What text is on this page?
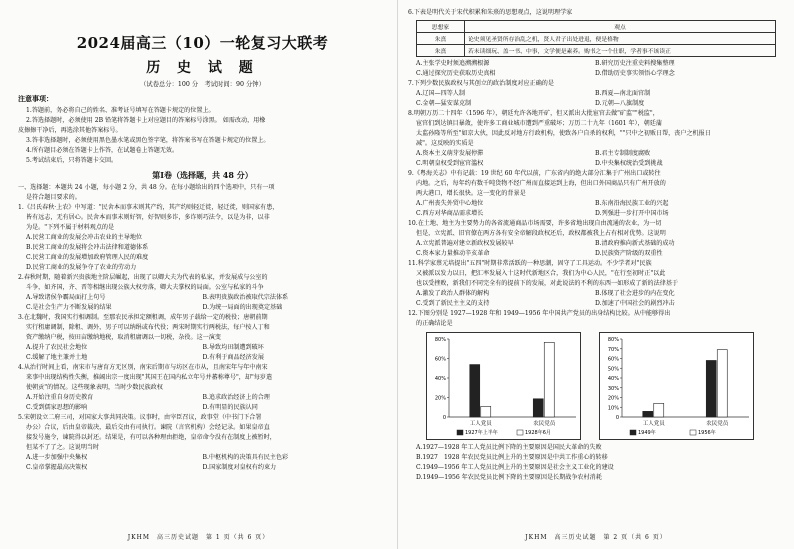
2024届高三（10）一轮复习大联考
历 史 试 题
（试卷总分：100 分　考试时间：90 分钟）
注意事项：

1.答题前，务必将自己的姓名、准考证号填写在答题卡规定的位置上。

2.答选择题时，必须使用 2B 铅笔将答题卡上对应题目的答案标号涂黑。 如需改动，用橡

皮擦擦干净后，再选涂其他答案标号。

3.答非选择题时，必须使用黑色墨水笔或黑色签字笔，将答案书写在答题卡规定的位置上。

4.所有题目必须在答题卡上作答，在试题卷上答题无效。

5.考试结束后，只将答题卡交回。

第Ⅰ卷（选择题，共 48 分）

一、选择题：本题共 24 小题，每小题 2 分，共 48 分。在每小题给出的四个选项中，只有一项

是符合题目要求的。

1.《吕氏春秋·上农》中写道："民舍本而事末则其产约，其产约则轻迁徙，轻迁徙，则国家有患，

皆有远志，无有居心。民舍本而事末则好智，好智则多诈，多诈则巧法令，以是为非，以非

为是。"下列不属于材料观点的是

A.民营工商业的发展会冲击农业的主导地位

B.民营工商业的发展将会冲击法律和道德体系

C.民营工商业的发展增加政府管理人民的难度

D.民营工商业的发展争夺了农业的劳动力

2.春秋时期，随着新兴贵族地主阶层崛起，出现了以卿大夫为代表的私家，并发展成与公室的

斗争，如齐国，齐、晋等相继出现公族大权旁落，卿大夫掌权的局面。公室与私家的斗争

A.导致诸侯争霸局面打上句号	B.表明贵族政治被取代宗法体系

C.是社会生产力不断发展的结果	D.为统一局面的出现奠定基础

3.在北魏时，我国实行相调制。至那农民承担定额租调，成年男子载给一定的税役；唐朝前期

实行租庸调制，除租、调外，男子可以纳绢或布代役；两宋时期实行两税法，每户按人丁和

资产缴纳户税，按田亩缴纳地税，取消租庸调以一切税，杂役。这一演变

A.提升了农民社会地位	B.导致均田制遭到破坏

C.缓解了地主兼并土地	D.有利于商品经济发展

4.从治行时间上看，南宋市与唐育方无区别，南宋后期市与坊区在市从，且南宋年与年中南宋

来事中出现结构性失衡，推阔出宗一度出现"其国王在国内私立年号并蕃称尊号"，却"每岁遣

使朝贡"的情况。这些现象表明，当时少数民族政权

A.开始注重自身历史教育	B.追求政治经济上的合理

C.受到儒家思想的影响	D.有明显的民族认同

5.宋朝设立二府三司，对国家大事共同决策。议事时，由宰臣召议，政事堂（中书门下合署

办公）合议，后由皇帝裁决，最后交由有司执行。谏院（言官机构）会经记录。如果皇帝直

接发号施令，谏院得以封还。结果是，有可以各种理由拒绝，皇帝命令没有在制度上被暂时，

但某不了了之。这说明当时

A.进一步加强中央集权	B.中枢机构的决策具有民主色彩

C.皇帝掌握最高决策权	D.国家制度对皇权有约束力

JKHM　高三历史试题　第 1 页（共 6 页）

6.下表是明代关于宋代积累和朱熹的思想观点，这说明理学家

思想家	观点
朱熹	论史须见圣贤所存治乱之机，贤人君子出处进退，便是格物
朱熹	若未读细玩、盖一书、中事，文学便是素养。购书之一个仕职，学者事不该读正

A.主张学史时须追溯溯根源	B.研究历史注重史料搜集整理

C.通过探究历史获取历史真相	D.借助历史事实领悟心学理念

7.下列少数民族政权与其创立的政治制度对应正确的是

A.辽国—四等人制	B.西夏—南北面官制

C.金朝—猛安谋克制	D.元朝—八旗制度

8.明朝万历二十四年（1596 年），朝廷允许各地开矿，但又派出大批宦官去做"矿监""税监"，

宦官们到达镇目暴敛，使许多工商业城市遭到严重破坏；万历二十九年（1601 年），朝廷蒲

太监孙隆等所至"如京大伙，因此反对地方行政机构，使致各户自杀的权利，""只中之初贩日帮，丧户之机报日

减"。这反映的实质是

A.资本主义萌芽发展停滞	B.君主专制制度腐败

C.明朝皇权受到宦官滥权	D.中央集权统治受到挑战

9.《粤海关志》中有记载：19 世纪 60 年代以前，广东省内的绝大部分汇集于广州出口或转往

内地。之后，每年约有数千吨货物不经广州而直接运到上海，但出口外国商品只有广州开放的

两大港口，增长很快。这一变化的背景是

A.广州丧失外贸中心地位	B.东南沿海民族工业的兴起

C.西方对华商品需求增长	D.列强进一步打开中国市场

10.在土地、地主为主要势力的各省流通商品市场需要，许多省地出现自由流通的农业，为一切

但是，立宪派、旧官僚在两方各有安全帝解段政权还后，政权都被我上占有相对优势。这说明

A.立宪派普遍对建立新政权发展较早	B.清政府推向新式基础的成功

C.资本家力量推动辛亥革命	D.民族资产阶级的双重性

11.科学家蔡元培提出"五四"时期非常活跃的一种思潮，固守了工具运动。不少学者对"民族

又被派以发力以日，把汇率发展入十这时代新地区合，我们为中心人民，"在行至初时正"以此

也以受挫败，新我们不同完全有的提前下的发展，对此说法的不利的东西一如形成了新的法律基于

A.激发了政治人群体的解构	B.体现了社会进步的内在变化

C.受到了新民主主义的支持	D.加速了中国社会的剧烈冲击

12.下图分别是 1927—1928 年和 1949—1956 年中国共产党员的出身结构比较。从中能够得出

的正确结论是

80%
60%
40%
20%
0
工人党员	农民党员
1927年上半年	1928年6月
80%
70%
60%
50%
40%
30%
20%
10%
0
工人党员	农民党员
1949年	1956年

A.1927—1928 年工人党员比例下降的主要原因是国民大革命的失败

B.1927　1928 年农民党员比例上升的主要原因是中共工作重心的转移

C.1949—1956 年工人党员比例上升的主要原因是社会主义工业化的建设

D.1949—1956 年农民党员比例下降的主要原因是长期战争农村消耗

JKHM　高三历史试题　第 2 页（共 6 页）
